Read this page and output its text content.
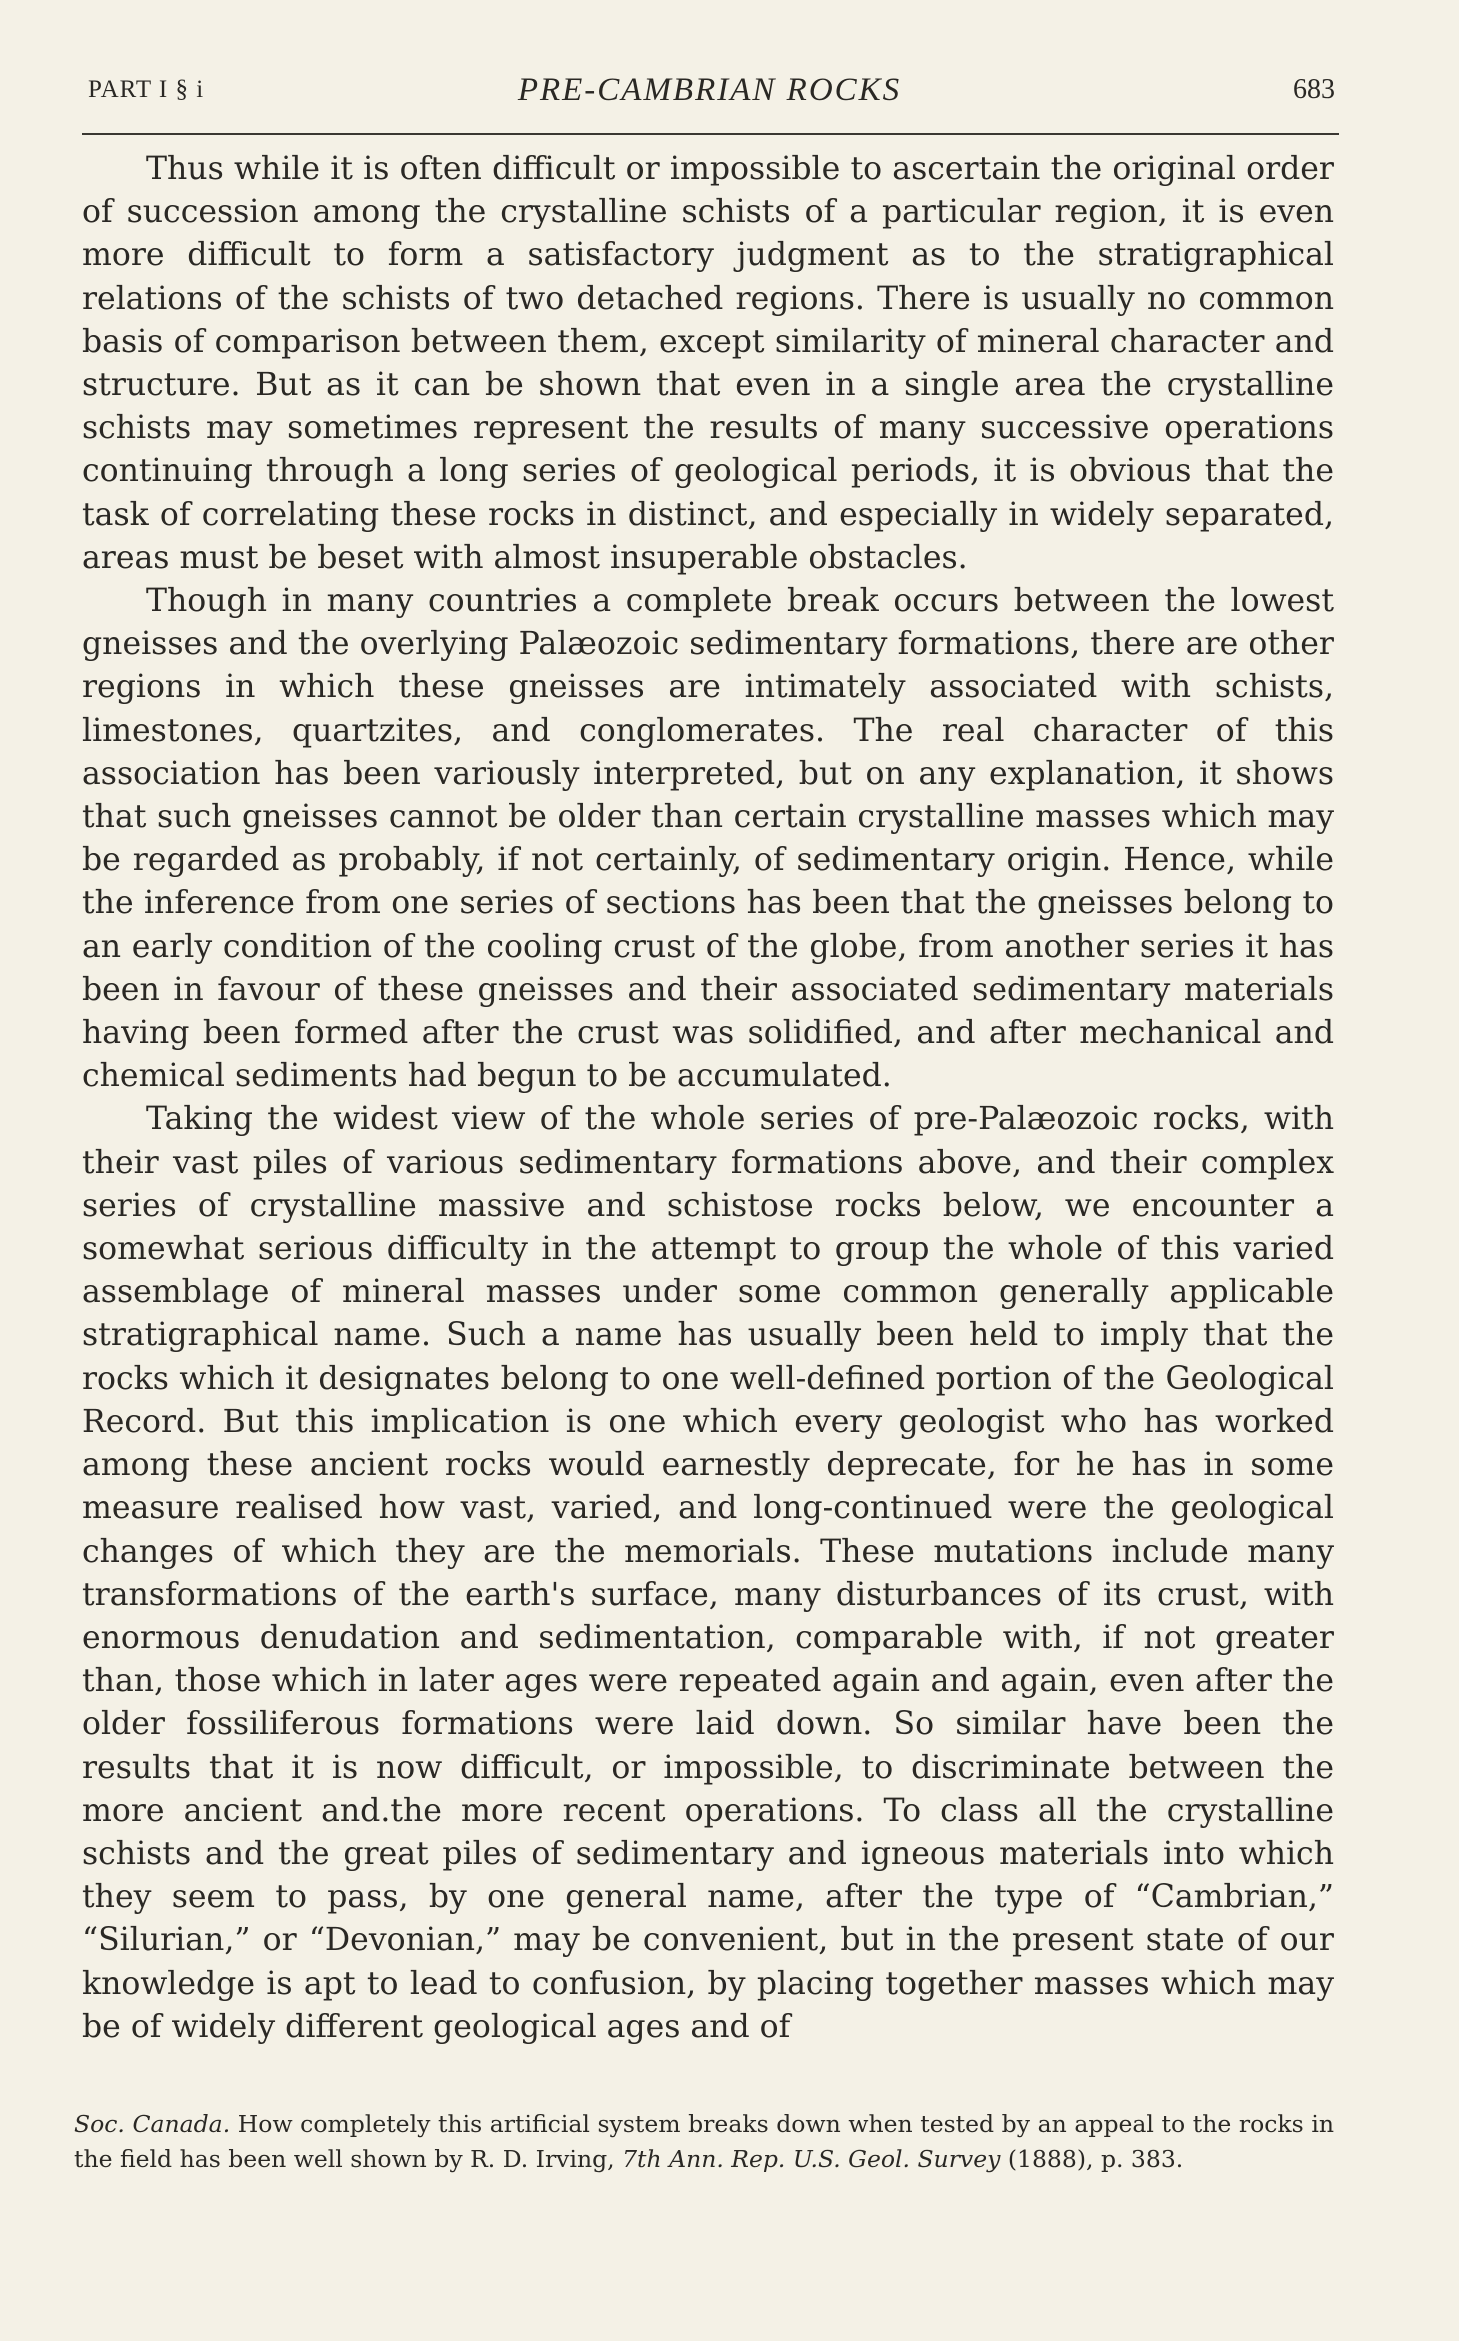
PART I § i	PRE-CAMBRIAN ROCKS	683

Thus while it is often difficult or impossible to ascertain the original order of succession among the crystalline schists of a particular region, it is even more difficult to form a satisfactory judgment as to the stratigraphical relations of the schists of two detached regions. There is usually no common basis of comparison between them, except similarity of mineral character and structure. But as it can be shown that even in a single area the crystalline schists may sometimes represent the results of many successive operations continuing through a long series of geological periods, it is obvious that the task of correlating these rocks in distinct, and especially in widely separated, areas must be beset with almost insuperable obstacles.

Though in many countries a complete break occurs between the lowest gneisses and the overlying Palæozoic sedimentary formations, there are other regions in which these gneisses are intimately associated with schists, limestones, quartzites, and conglomerates. The real character of this association has been variously interpreted, but on any explanation, it shows that such gneisses cannot be older than certain crystalline masses which may be regarded as probably, if not certainly, of sedimentary origin. Hence, while the inference from one series of sections has been that the gneisses belong to an early condition of the cooling crust of the globe, from another series it has been in favour of these gneisses and their associated sedimentary materials having been formed after the crust was solidified, and after mechanical and chemical sediments had begun to be accumulated.

Taking the widest view of the whole series of pre-Palæozoic rocks, with their vast piles of various sedimentary formations above, and their complex series of crystalline massive and schistose rocks below, we encounter a somewhat serious difficulty in the attempt to group the whole of this varied assemblage of mineral masses under some common generally applicable stratigraphical name. Such a name has usually been held to imply that the rocks which it designates belong to one well-defined portion of the Geological Record. But this implication is one which every geologist who has worked among these ancient rocks would earnestly deprecate, for he has in some measure realised how vast, varied, and long-continued were the geological changes of which they are the memorials. These mutations include many transformations of the earth's surface, many disturbances of its crust, with enormous denudation and sedimentation, comparable with, if not greater than, those which in later ages were repeated again and again, even after the older fossiliferous formations were laid down. So similar have been the results that it is now difficult, or impossible, to discriminate between the more ancient and.the more recent operations. To class all the crystalline schists and the great piles of sedimentary and igneous materials into which they seem to pass, by one general name, after the type of “Cambrian,” “Silurian,” or “Devonian,” may be convenient, but in the present state of our knowledge is apt to lead to confusion, by placing together masses which may be of widely different geological ages and of

Soc. Canada. How completely this artificial system breaks down when tested by an appeal to the rocks in the field has been well shown by R. D. Irving, 7th Ann. Rep. U.S. Geol. Survey (1888), p. 383.
